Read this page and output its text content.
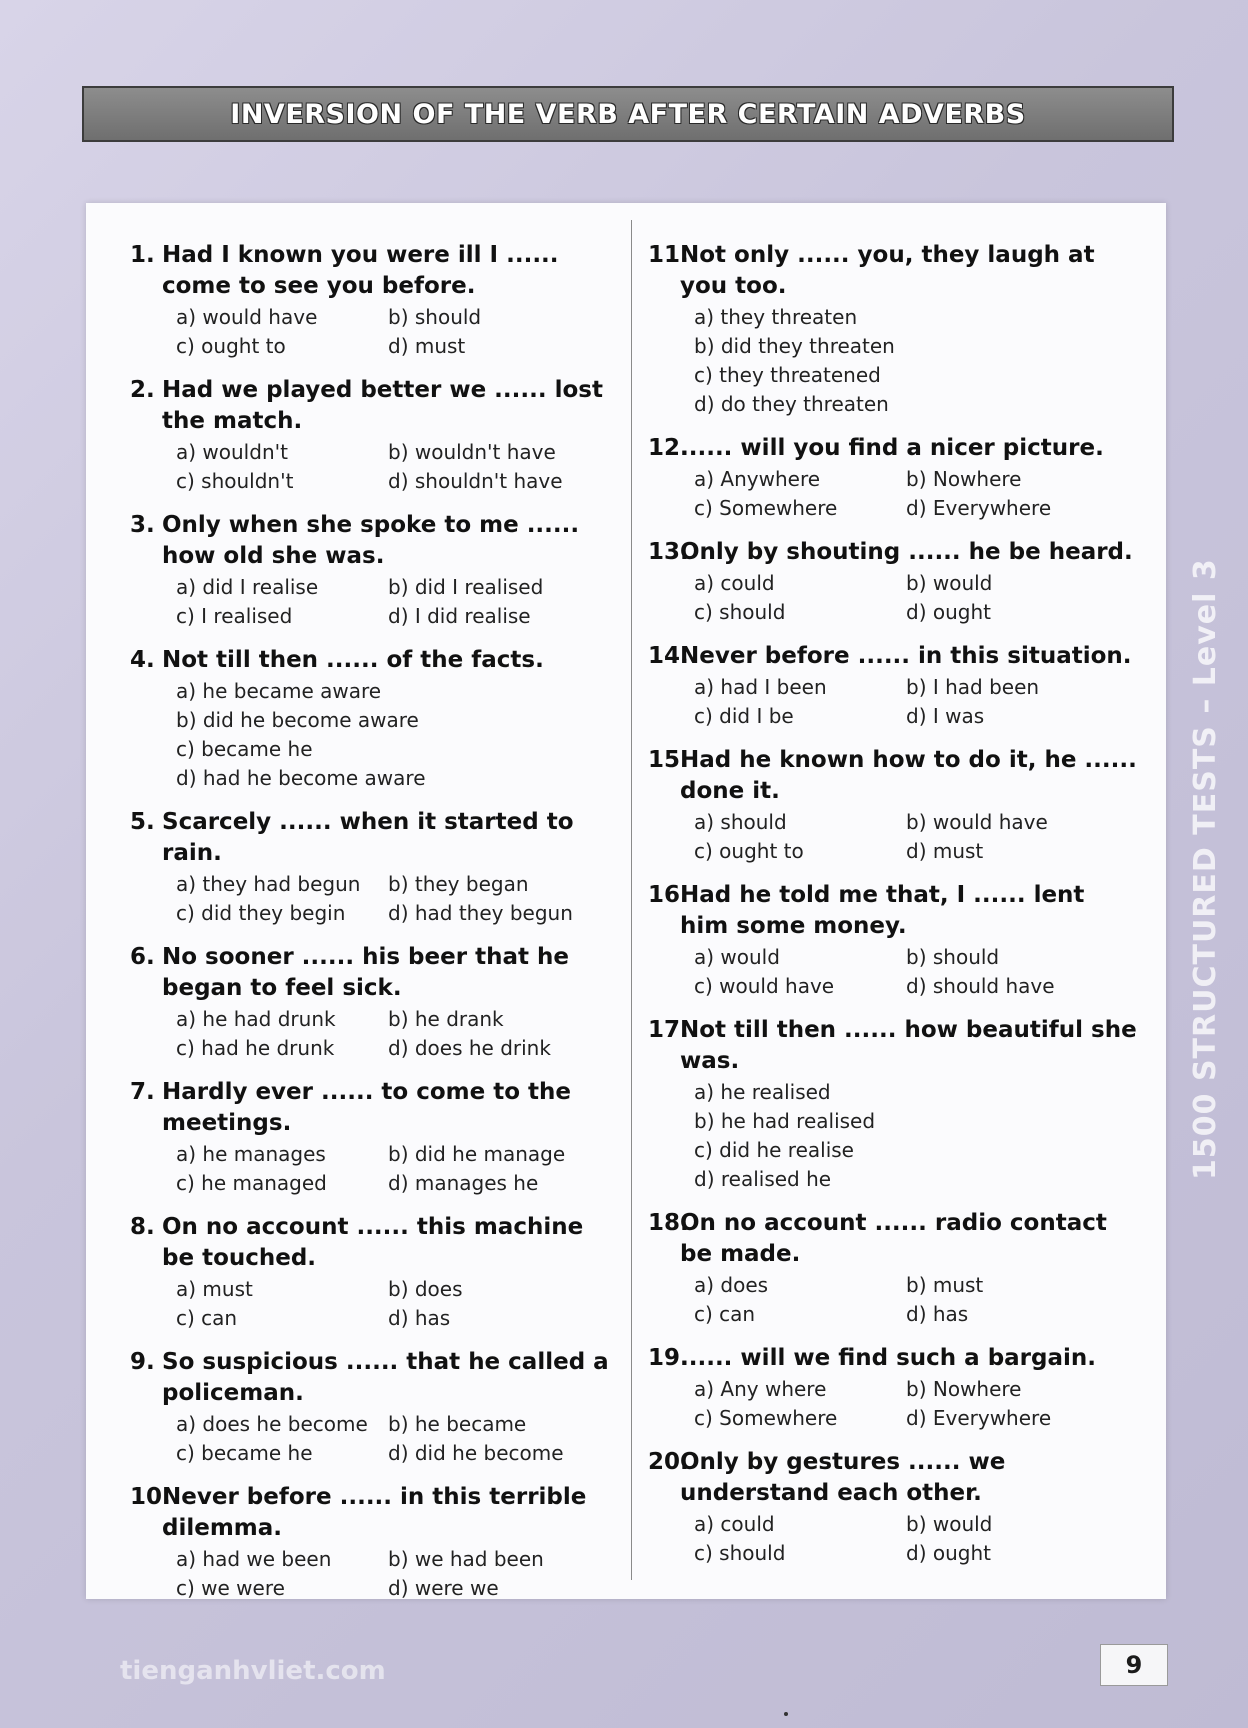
INVERSION OF THE VERB AFTER CERTAIN ADVERBS
1. Had I known you were ill I ...... come to see you before.
a) would have	b) should
c) ought to	d) must
2. Had we played better we ...... lost the match.
a) wouldn't	b) wouldn't have
c) shouldn't	d) shouldn't have
3. Only when she spoke to me ...... how old she was.
a) did I realise	b) did I realised
c) I realised	d) I did realise
4. Not till then ...... of the facts.
a) he became aware
b) did he become aware
c) became he
d) had he become aware
5. Scarcely ...... when it started to rain.
a) they had begun	b) they began
c) did they begin	d) had they begun
6. No sooner ...... his beer that he began to feel sick.
a) he had drunk	b) he drank
c) had he drunk	d) does he drink
7. Hardly ever ...... to come to the meetings.
a) he manages	b) did he manage
c) he managed	d) manages he
8. On no account ...... this machine be touched.
a) must	b) does
c) can	d) has
9. So suspicious ...... that he called a policeman.
a) does he become	b) he became
c) became he	d) did he become
10.Never before ...... in this terrible dilemma.
a) had we been	b) we had been
c) we were	d) were we
11.Not only ...... you, they laugh at you too.
a) they threaten
b) did they threaten
c) they threatened
d) do they threaten
12....... will you find a nicer picture.
a) Anywhere	b) Nowhere
c) Somewhere	d) Everywhere
13.Only by shouting ...... he be heard.
a) could	b) would
c) should	d) ought
14.Never before ...... in this situation.
a) had I been	b) I had been
c) did I be	d) I was
15.Had he known how to do it, he ...... done it.
a) should	b) would have
c) ought to	d) must
16.Had he told me that, I ...... lent him some money.
a) would	b) should
c) would have	d) should have
17.Not till then ...... how beautiful she was.
a) he realised
b) he had realised
c) did he realise
d) realised he
18.On no account ...... radio contact be made.
a) does	b) must
c) can	d) has
19....... will we find such a bargain.
a) Any where	b) Nowhere
c) Somewhere	d) Everywhere
20.Only by gestures ...... we understand each other.
a) could	b) would
c) should	d) ought
1500 STRUCTURED TESTS – Level 3
tienganhvliet.com	9
